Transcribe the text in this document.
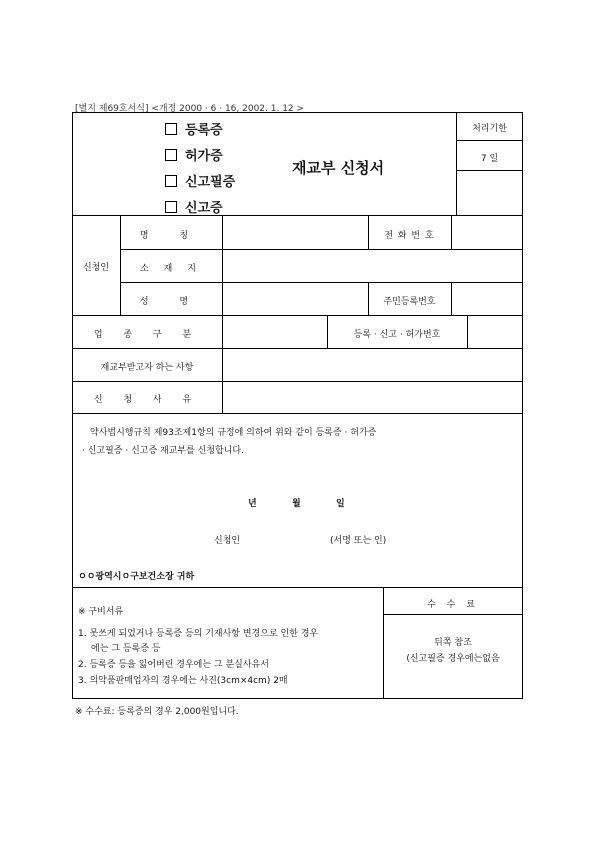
[별지 제69호서식] <개정 2000 · 6 · 16, 2002. 1. 12 >
등록증
허가증
신고필증
신고증
재교부 신청서
처리기한
7 일
신청인
명 칭	전 화 번 호
소 재 지
성 명	주민등록번호
업 종 구 분	등록 · 신고 · 허가번호
재교부받고자 하는 사항
신 청 사 유
약사법시행규칙 제93조제1항의 규정에 의하여 위와 같이 등록증 · 허가증
· 신고필증 · 신고증 재교부를 신청합니다.
년	월	일
신청인	(서명 또는 인)
ㅇㅇ광역시ㅇ구보건소장 귀하
※ 구비서류
1. 못쓰게 되었거나 등록증 등의 기재사항 변경으로 인한 경우
에는 그 등록증 등
2. 등록증 등을 잃어버린 경우에는 그 분실사유서
3. 의약품판매업자의 경우에는 사진(3cm×4cm) 2매
수 수 료
뒤쪽 참조
(신고필증 경우에는없음
※ 수수료: 등록증의 경우 2,000원입니다.
